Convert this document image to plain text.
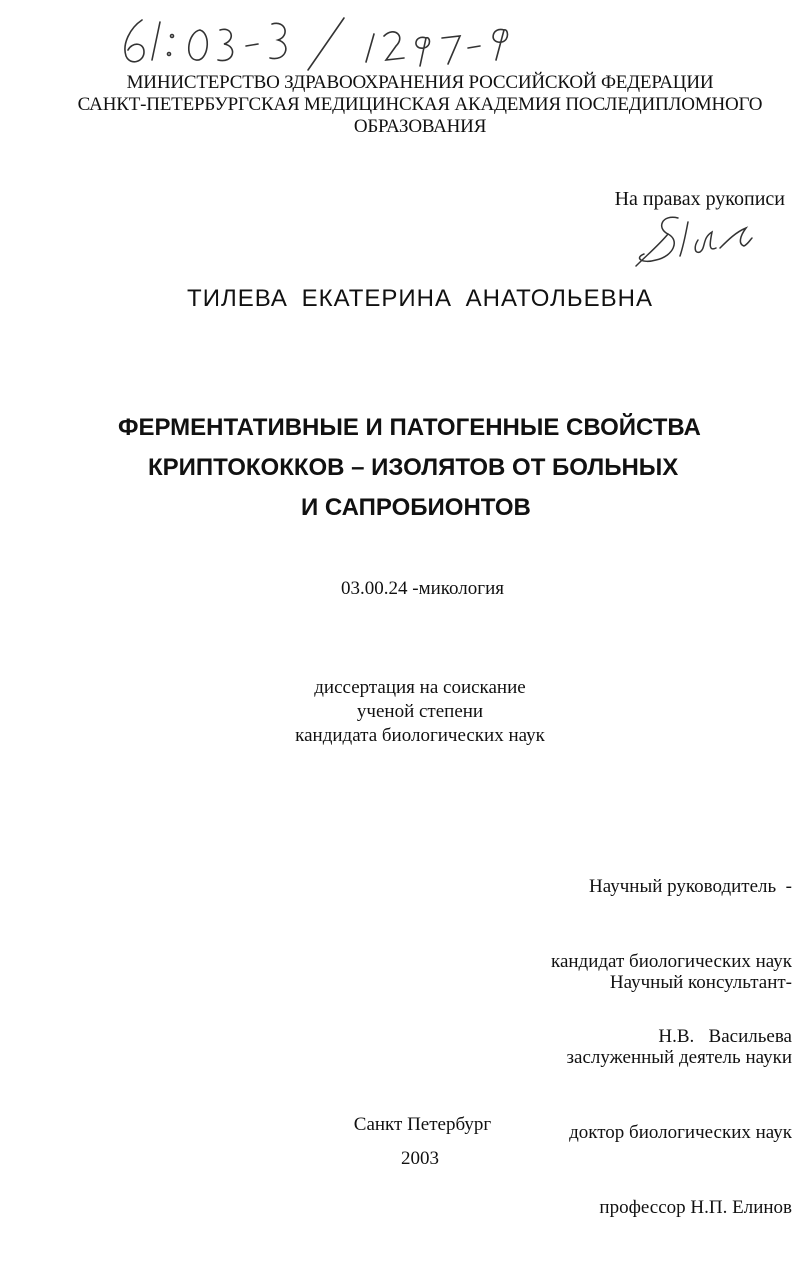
МИНИСТЕРСТВО ЗДРАВООХРАНЕНИЯ РОССИЙСКОЙ ФЕДЕРАЦИИ
САНКТ-ПЕТЕРБУРГСКАЯ МЕДИЦИНСКАЯ АКАДЕМИЯ ПОСЛЕДИПЛОМНОГО
ОБРАЗОВАНИЯ
На правах рукописи
ТИЛЕВА ЕКАТЕРИНА АНАТОЛЬЕВНА
ФЕРМЕНТАТИВНЫЕ И ПАТОГЕННЫЕ СВОЙСТВА
КРИПТОКОККОВ – ИЗОЛЯТОВ ОТ БОЛЬНЫХ
И САПРОБИОНТОВ
03.00.24 -микология
диссертация на соискание
ученой степени
кандидата биологических наук

Научный руководитель  -

кандидат биологических наук

Н.В.   Васильева

Научный консультант-

заслуженный деятель науки

доктор биологических наук

профессор Н.П. Елинов

Санкт Петербург
2003
